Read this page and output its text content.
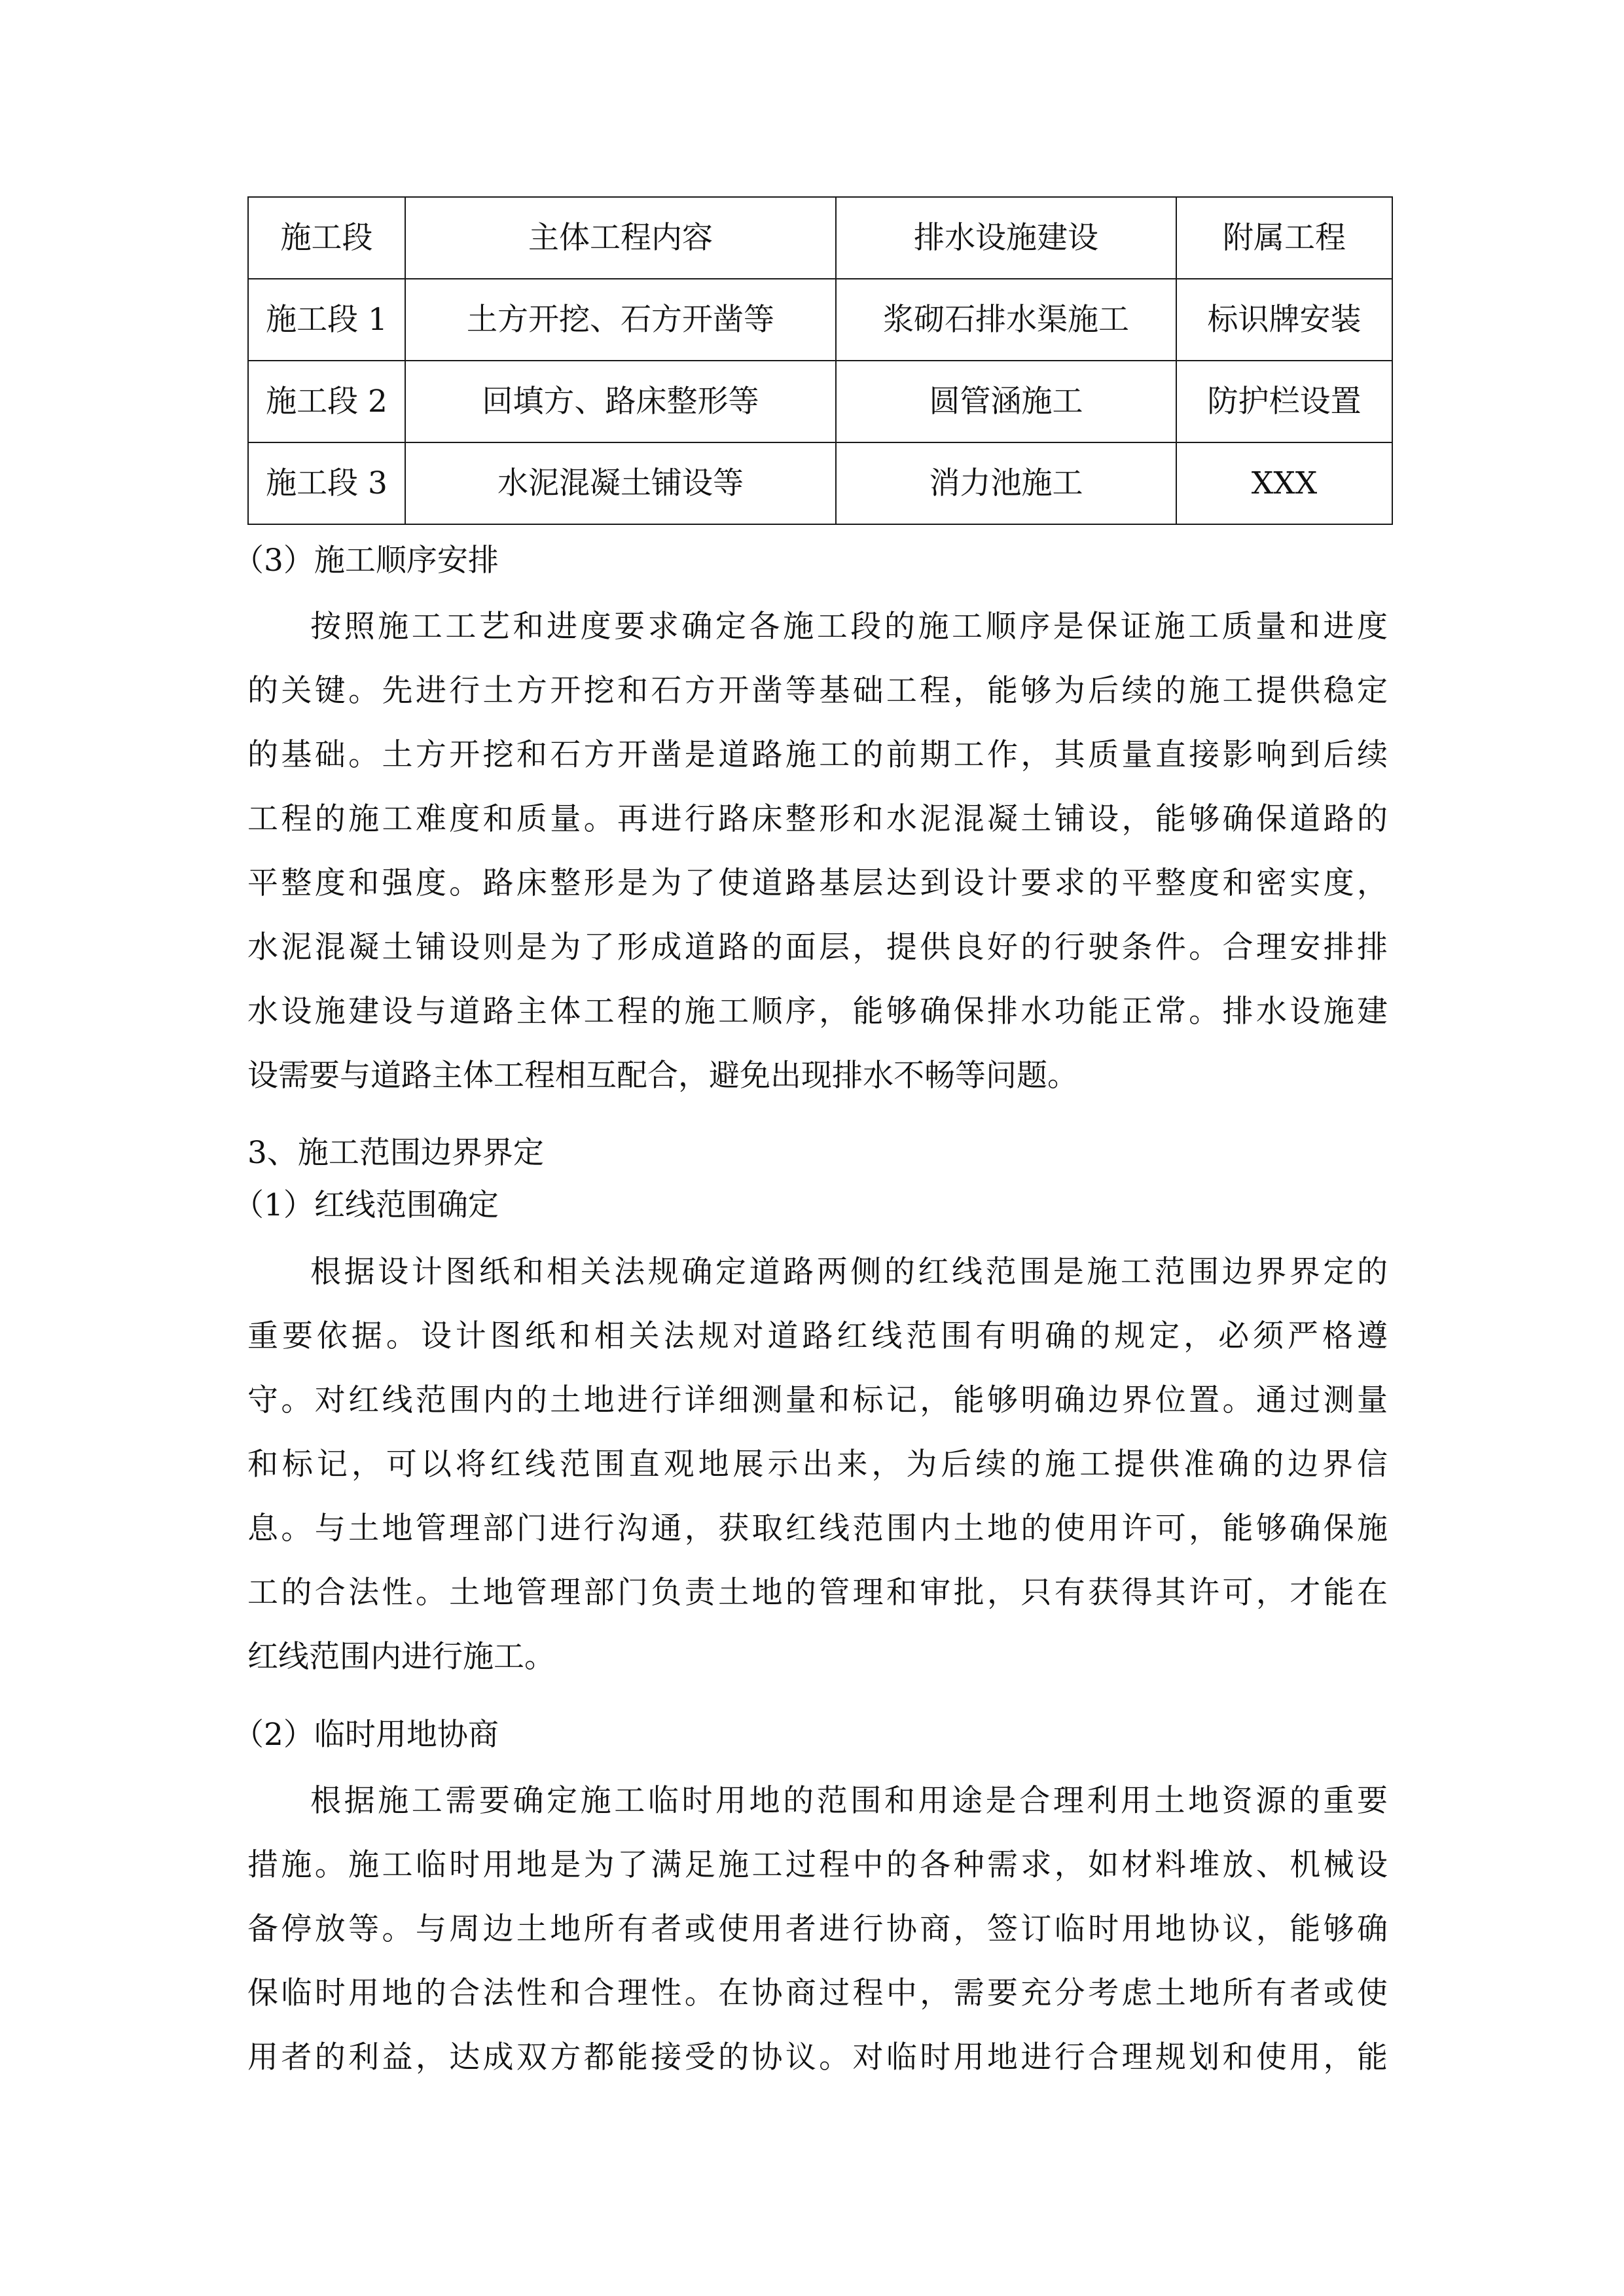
施工段	主体工程内容	排水设施建设	附属工程
施工段 1	土方开挖、石方开凿等	浆砌石排水渠施工	标识牌安装
施工段 2	回填方、路床整形等	圆管涵施工	防护栏设置
施工段 3	水泥混凝土铺设等	消力池施工	XXX
（3）施工顺序安排
按照施工工艺和进度要求确定各施工段的施工顺序是保证施工质量和进度
的关键。先进行土方开挖和石方开凿等基础工程，能够为后续的施工提供稳定
的基础。土方开挖和石方开凿是道路施工的前期工作，其质量直接影响到后续
工程的施工难度和质量。再进行路床整形和水泥混凝土铺设，能够确保道路的
平整度和强度。路床整形是为了使道路基层达到设计要求的平整度和密实度，
水泥混凝土铺设则是为了形成道路的面层，提供良好的行驶条件。合理安排排
水设施建设与道路主体工程的施工顺序，能够确保排水功能正常。排水设施建
设需要与道路主体工程相互配合，避免出现排水不畅等问题。
3、施工范围边界界定
（1）红线范围确定
根据设计图纸和相关法规确定道路两侧的红线范围是施工范围边界界定的
重要依据。设计图纸和相关法规对道路红线范围有明确的规定，必须严格遵
守。对红线范围内的土地进行详细测量和标记，能够明确边界位置。通过测量
和标记，可以将红线范围直观地展示出来，为后续的施工提供准确的边界信
息。与土地管理部门进行沟通，获取红线范围内土地的使用许可，能够确保施
工的合法性。土地管理部门负责土地的管理和审批，只有获得其许可，才能在
红线范围内进行施工。
（2）临时用地协商
根据施工需要确定施工临时用地的范围和用途是合理利用土地资源的重要
措施。施工临时用地是为了满足施工过程中的各种需求，如材料堆放、机械设
备停放等。与周边土地所有者或使用者进行协商，签订临时用地协议，能够确
保临时用地的合法性和合理性。在协商过程中，需要充分考虑土地所有者或使
用者的利益，达成双方都能接受的协议。对临时用地进行合理规划和使用，能
